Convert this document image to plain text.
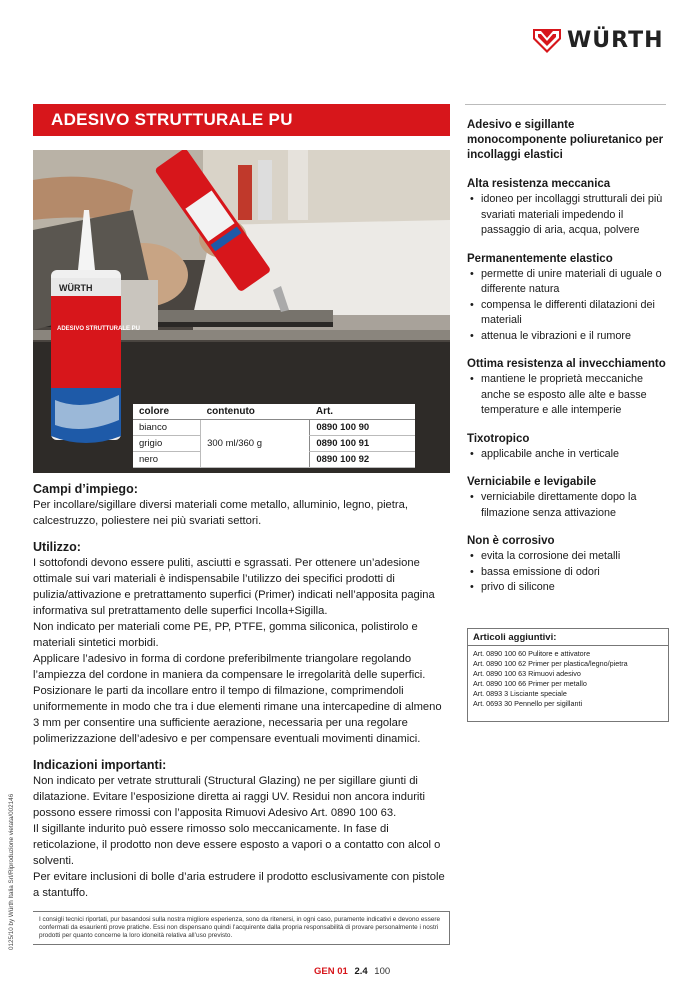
WÜRTH
ADESIVO STRUTTURALE PU
WÜRTH
ADESIVO STRUTTURALE PU
colore	contenuto	Art.
bianco	300 ml/360 g	0890 100 90
grigio		0890 100 91
nero		0890 100 92
Campi d’impiego:

Per incollare/sigillare diversi materiali come metallo, alluminio, legno, pietra, calcestruzzo, poliestere nei più svariati settori.

Utilizzo:

I sottofondi devono essere puliti, asciutti e sgrassati. Per ottenere un’adesione ottimale sui vari materiali è indispensabile l’utilizzo dei specifici prodotti di pulizia/attivazione e pretrattamento superfici (Primer) indicati nell’apposita pagina informativa sul pretrattamento delle superfici Incolla+Sigilla.

Non indicato per materiali come PE, PP, PTFE, gomma siliconica, polistirolo e materiali sintetici morbidi.

Applicare l’adesivo in forma di cordone preferibilmente triangolare regolando l’ampiezza del cordone in maniera da compensare le irregolarità delle superfici. Posizionare le parti da incollare entro il tempo di filmazione, comprimendoli uniformemente in modo che tra i due elementi rimane una intercapedine di almeno 3 mm per consentire una sufficiente aerazione, necessaria per una regolare polimerizzazione dell’adesivo e per compensare eventuali movimenti dinamici.

Indicazioni importanti:

Non indicato per vetrate strutturali (Structural Glazing) ne per sigillare giunti di dilatazione. Evitare l’esposizione diretta ai raggi UV. Residui non ancora induriti possono essere rimossi con l’apposita Rimuovi Adesivo Art. 0890 100 63.

Il sigillante indurito può essere rimosso solo meccanicamente. In fase di reticolazione, il prodotto non deve essere esposto a vapori o a contatto con alcol o solventi.

Per evitare inclusioni di bolle d’aria estrudere il prodotto esclusivamente con pistole a stantuffo.

Adesivo e sigillante monocomponente poliuretanico per incollaggi elastici
Alta resistenza meccanica
• idoneo per incollaggi strutturali dei più svariati materiali impedendo il passaggio di aria, acqua, polvere
Permanentemente elastico
• permette di unire materiali di uguale o differente natura
• compensa le differenti dilatazioni dei materiali
• attenua le vibrazioni e il rumore
Ottima resistenza al invecchiamento
• mantiene le proprietà meccaniche anche se esposto alle alte e basse temperature e alle intemperie
Tixotropico
• applicabile anche in verticale
Verniciabile e levigabile
• verniciabile direttamente dopo la filmazione senza attivazione
Non è corrosivo
• evita la corrosione dei metalli
• bassa emissione di odori
• privo di silicone
Articoli aggiuntivi:
Art. 0890 100 60 Pulitore e attivatore
Art. 0890 100 62 Primer per plastica/legno/pietra
Art. 0890 100 63 Rimuovi adesivo
Art. 0890 100 66 Primer per metallo
Art. 0893 3 Lisciante speciale
Art. 0693 30 Pennello per sigillanti
I consigli tecnici riportati, pur basandosi sulla nostra migliore esperienza, sono da ritenersi, in ogni caso, puramente indicativi e devono essere confermati da esaurienti prove pratiche. Essi non dispensano quindi l’acquirente dalla propria responsabilità di provare personalmente i nostri prodotti per quanto concerne la loro idoneità relativa all’uso previsto.
0125/10 by Würth Italia Srl/Riproduzione vietata/002146
GEN 01 2.4 100
